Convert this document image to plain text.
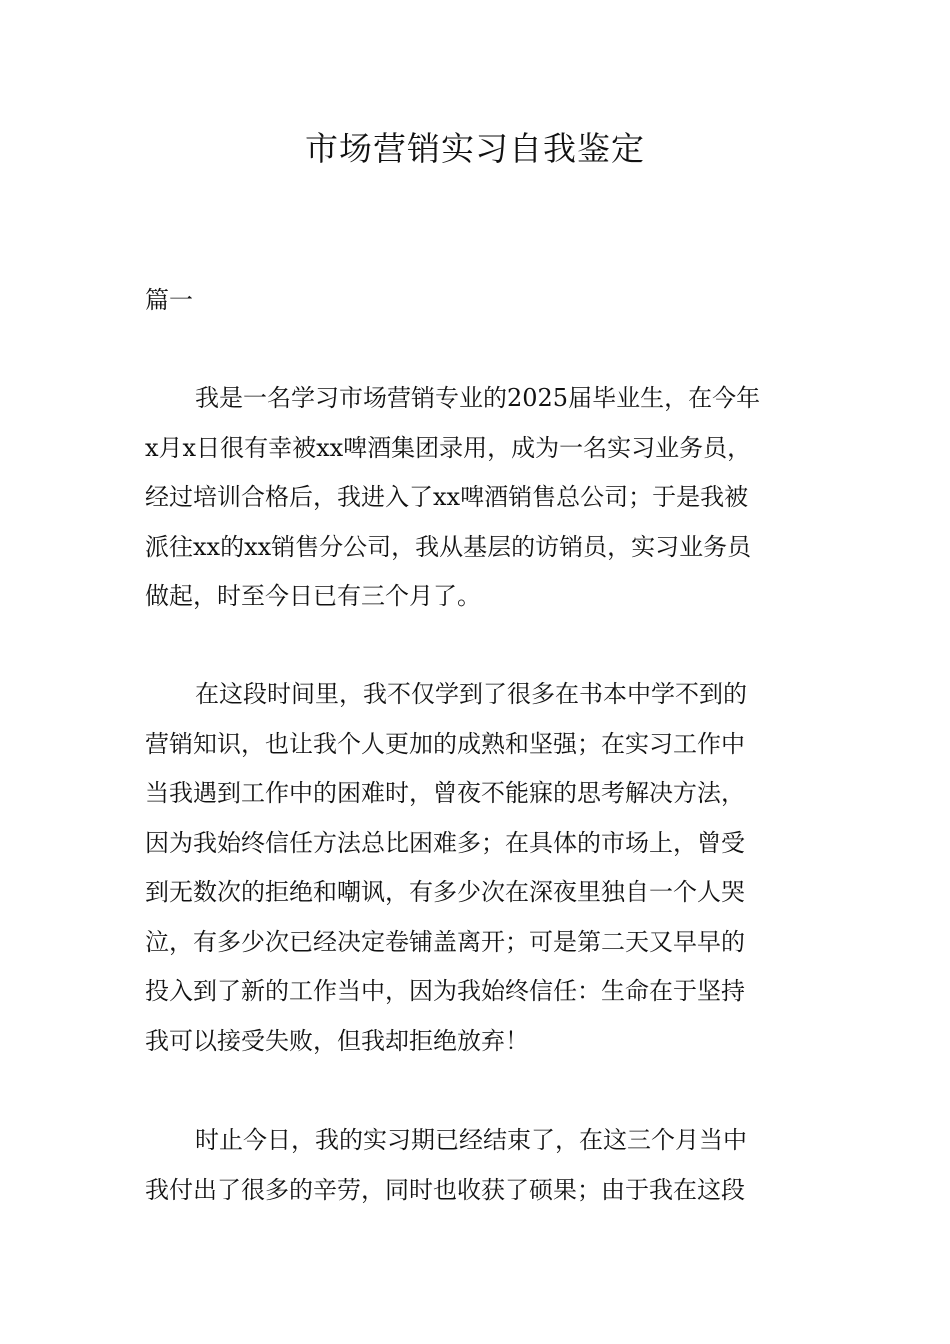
市场营销实习自我鉴定

篇一

我是一名学习市场营销专业的2025届毕业生，在今年
x月x日很有幸被xx啤酒集团录用，成为一名实习业务员，
经过培训合格后，我进入了xx啤酒销售总公司；于是我被
派往xx的xx销售分公司，我从基层的访销员，实习业务员
做起，时至今日已有三个月了。
在这段时间里，我不仅学到了很多在书本中学不到的
营销知识，也让我个人更加的成熟和坚强；在实习工作中
当我遇到工作中的困难时，曾夜不能寐的思考解决方法，
因为我始终信任方法总比困难多；在具体的市场上，曾受
到无数次的拒绝和嘲讽，有多少次在深夜里独自一个人哭
泣，有多少次已经决定卷铺盖离开；可是第二天又早早的
投入到了新的工作当中，因为我始终信任：生命在于坚持
我可以接受失败，但我却拒绝放弃！
时止今日，我的实习期已经结束了，在这三个月当中
我付出了很多的辛劳，同时也收获了硕果；由于我在这段
